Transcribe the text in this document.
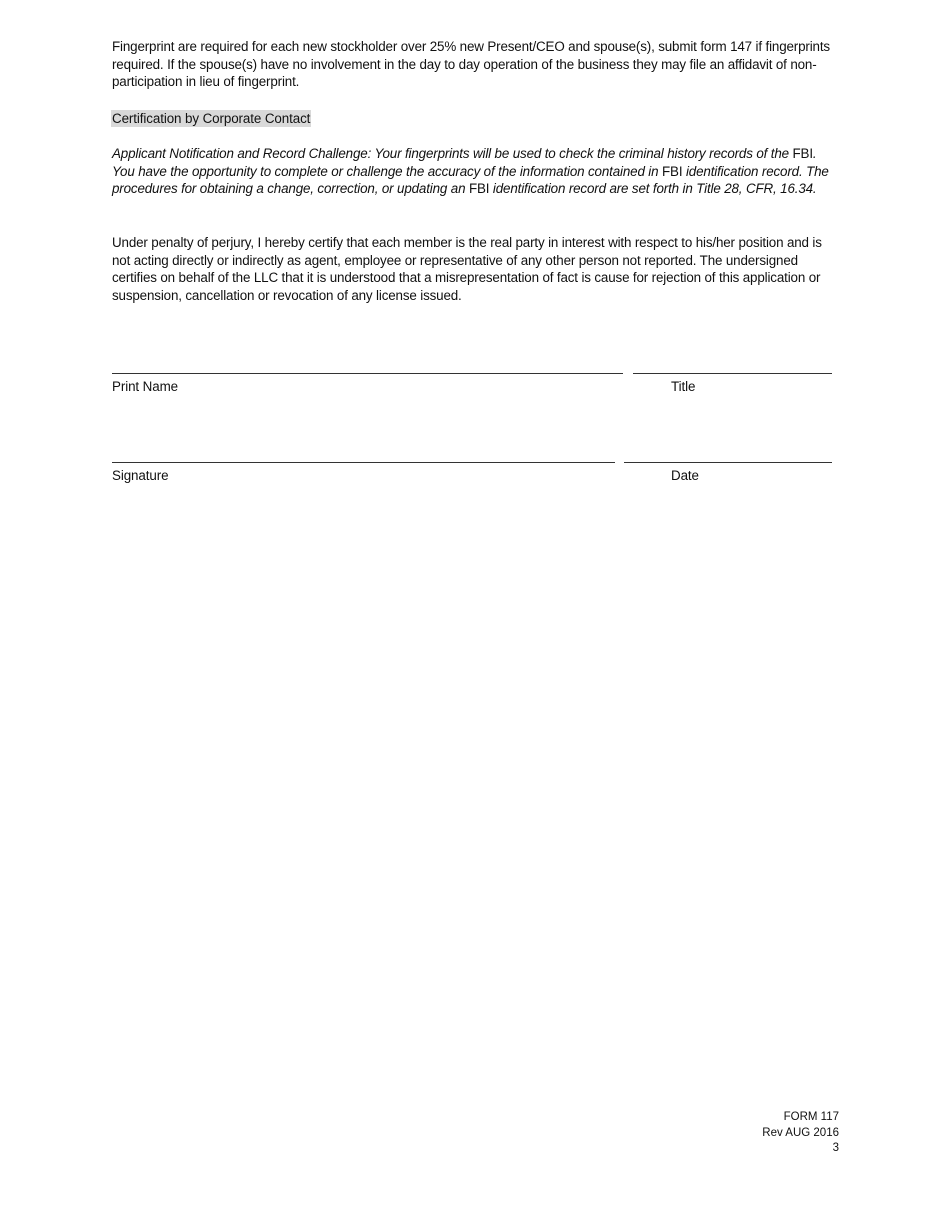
Fingerprint are required for each new stockholder over 25% new Present/CEO and spouse(s), submit form 147 if fingerprints required. If the spouse(s) have no involvement in the day to day operation of the business they may file an affidavit of non-participation in lieu of fingerprint.

Certification by Corporate Contact

Applicant Notification and Record Challenge: Your fingerprints will be used to check the criminal history records of the FBI. You have the opportunity to complete or challenge the accuracy of the information contained in FBI identification record. The procedures for obtaining a change, correction, or updating an FBI identification record are set forth in Title 28, CFR, 16.34.

Under penalty of perjury, I hereby certify that each member is the real party in interest with respect to his/her position and is not acting directly or indirectly as agent, employee or representative of any other person not reported. The undersigned certifies on behalf of the LLC that it is understood that a misrepresentation of fact is cause for rejection of this application or suspension, cancellation or revocation of any license issued.

Print Name	Title
Signature	Date
FORM 117
Rev AUG 2016
3
